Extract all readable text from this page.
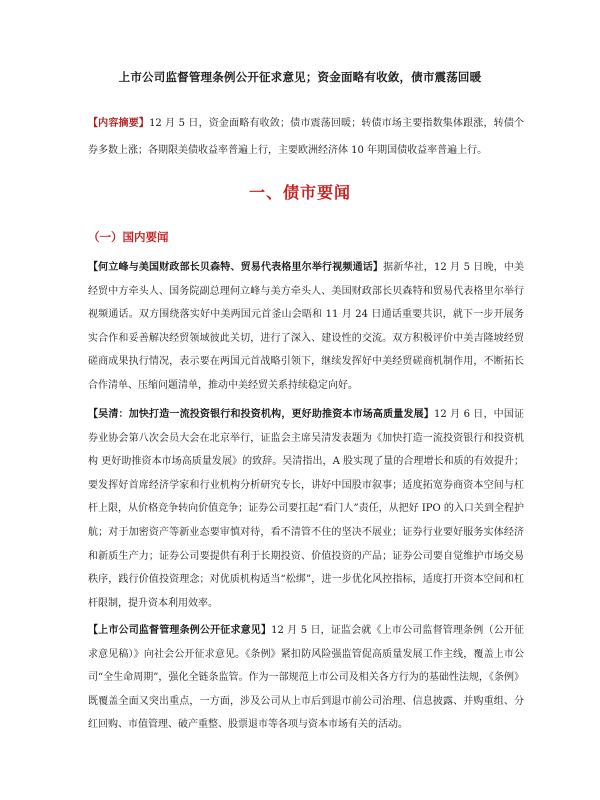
上市公司监督管理条例公开征求意见；资金面略有收敛，债市震荡回暖
【内容摘要】12 月 5 日，资金面略有收敛；债市震荡回暖；转债市场主要指数集体跟涨，转债个券多数上涨；各期限美债收益率普遍上行，主要欧洲经济体 10 年期国债收益率普遍上行。
一、债市要闻
（一）国内要闻

【何立峰与美国财政部长贝森特、贸易代表格里尔举行视频通话】据新华社，12 月 5 日晚，中美经贸中方牵头人、国务院副总理何立峰与美方牵头人、美国财政部长贝森特和贸易代表格里尔举行视频通话。双方围绕落实好中美两国元首釜山会晤和 11 月 24 日通话重要共识，就下一步开展务实合作和妥善解决经贸领域彼此关切，进行了深入、建设性的交流。双方积极评价中美吉隆坡经贸磋商成果执行情况，表示要在两国元首战略引领下，继续发挥好中美经贸磋商机制作用，不断拓长合作清单、压缩问题清单，推动中美经贸关系持续稳定向好。

【吴清：加快打造一流投资银行和投资机构，更好助推资本市场高质量发展】12 月 6 日，中国证券业协会第八次会员大会在北京举行，证监会主席吴清发表题为《加快打造一流投资银行和投资机构 更好助推资本市场高质量发展》的致辞。吴清指出，A 股实现了量的合理增长和质的有效提升；要发挥好首席经济学家和行业机构分析研究专长，讲好中国股市叙事；适度拓宽券商资本空间与杠杆上限，从价格竞争转向价值竞争；证券公司要扛起“看门人”责任，从把好 IPO 的入口关到全程护航；对于加密资产等新业态要审慎对待，看不清管不住的坚决不展业；证券行业要好服务实体经济和新质生产力；证券公司要提供有利于长期投资、价值投资的产品；证券公司要自觉维护市场交易秩序，践行价值投资理念；对优质机构适当“松绑”，进一步优化风控指标，适度打开资本空间和杠杆限制，提升资本利用效率。

【上市公司监督管理条例公开征求意见】12 月 5 日，证监会就《上市公司监督管理条例（公开征求意见稿）》向社会公开征求意见。《条例》紧扣防风险强监管促高质量发展工作主线，覆盖上市公司“全生命周期”，强化全链条监管。作为一部规范上市公司及相关各方行为的基础性法规，《条例》既覆盖全面又突出重点，一方面，涉及公司从上市后到退市前公司治理、信息披露、并购重组、分红回购、市值管理、破产重整、股票退市等各项与资本市场有关的活动。
